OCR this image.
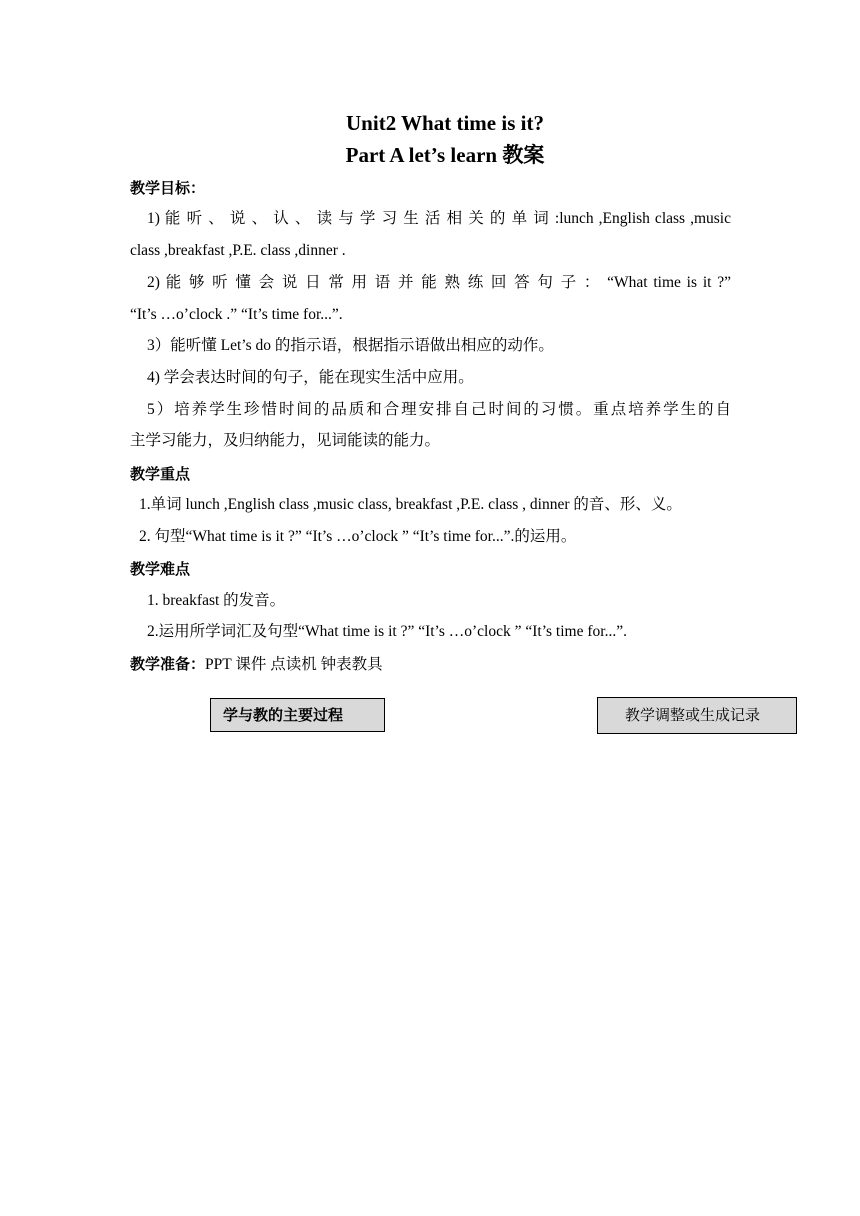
Unit2 What time is it?
Part A let’s learn 教案
教学目标：
1) 能 听 、 说 、 认 、 读 与 学 习 生 活 相 关 的 单 词 :lunch ,English class ,music
class ,breakfast ,P.E. class ,dinner .
2) 能 够 听 懂 会 说 日 常 用 语 并 能 熟 练 回 答 句 子 ： “What time is it ?”
“It’s …o’clock .” “It’s time for...”.
3）能听懂 Let’s do 的指示语，根据指示语做出相应的动作。
4) 学会表达时间的句子，能在现实生活中应用。
5）培养学生珍惜时间的品质和合理安排自己时间的习惯。重点培养学生的自
主学习能力，及归纳能力，见词能读的能力。
教学重点
1.单词 lunch ,English class ,music class, breakfast ,P.E. class , dinner 的音、形、义。
2. 句型“What time is it ?” “It’s …o’clock ” “It’s time for...”.的运用。
教学难点
1. breakfast 的发音。
2.运用所学词汇及句型“What time is it ?” “It’s …o’clock ” “It’s time for...”.
教学准备：PPT 课件 点读机 钟表教具
学与教的主要过程	教学调整或生成记录
